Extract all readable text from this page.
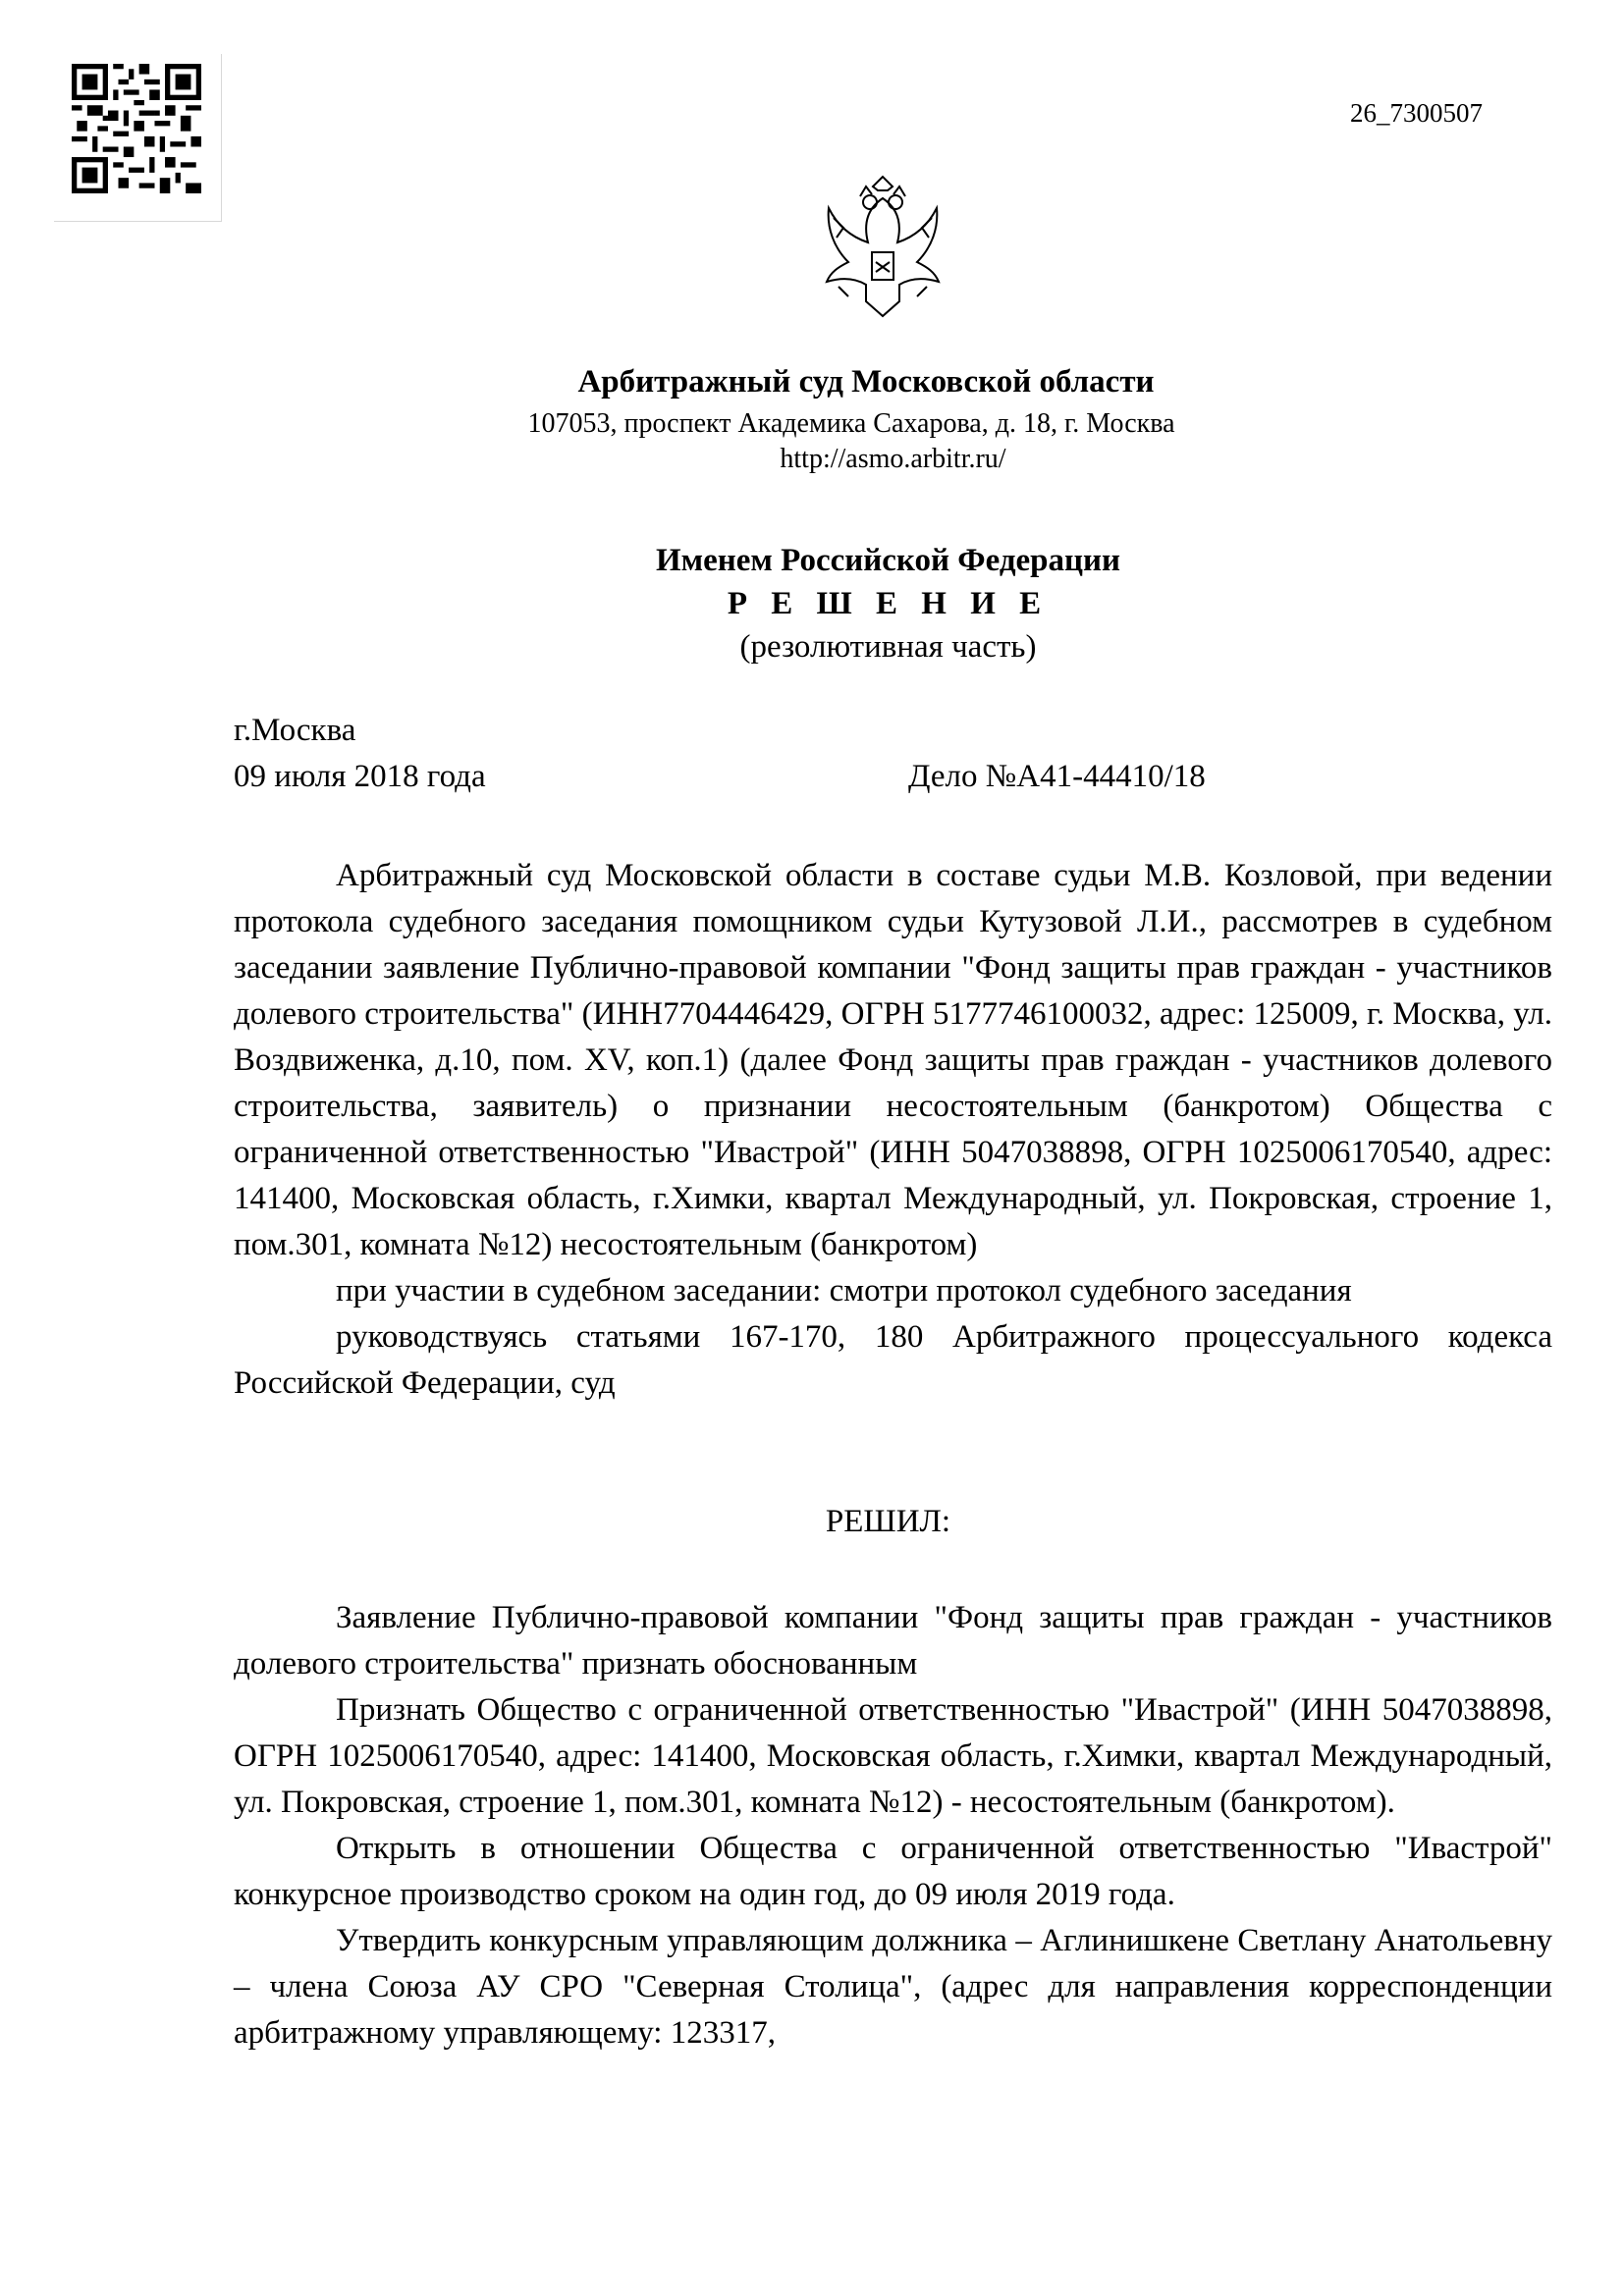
26_7300507
Арбитражный суд Московской области
107053, проспект Академика Сахарова, д. 18, г. Москва
http://asmo.arbitr.ru/
Именем Российской Федерации
Р Е Ш Е Н И Е
(резолютивная часть)
г.Москва
09 июля 2018 года	Дело №А41-44410/18

Арбитражный суд Московской области в составе судьи М.В. Козловой, при ведении протокола судебного заседания помощником судьи Кутузовой Л.И., рассмотрев в судебном заседании заявление Публично-правовой компании "Фонд защиты прав граждан - участников долевого строительства" (ИНН7704446429, ОГРН 5177746100032, адрес: 125009, г. Москва, ул. Воздвиженка, д.10, пом. XV, коп.1) (далее Фонд защиты прав граждан - участников долевого строительства, заявитель) о признании несостоятельным (банкротом) Общества с ограниченной ответственностью "Ивастрой" (ИНН 5047038898, ОГРН 1025006170540, адрес: 141400, Московская область, г.Химки, квартал Международный, ул. Покровская, строение 1, пом.301, комната №12) несостоятельным (банкротом)

при участии в судебном заседании: смотри протокол судебного заседания

руководствуясь статьями 167-170, 180 Арбитражного процессуального кодекса Российской Федерации, суд

РЕШИЛ:

Заявление Публично-правовой компании "Фонд защиты прав граждан - участников долевого строительства" признать обоснованным

Признать Общество с ограниченной ответственностью "Ивастрой" (ИНН 5047038898, ОГРН 1025006170540, адрес: 141400, Московская область, г.Химки, квартал Международный, ул. Покровская, строение 1, пом.301, комната №12) - несостоятельным (банкротом).

Открыть в отношении Общества с ограниченной ответственностью "Ивастрой" конкурсное производство сроком на один год, до 09 июля 2019 года.

Утвердить конкурсным управляющим должника – Аглинишкене Светлану Анатольевну – члена Союза АУ СРО "Северная Столица", (адрес для направления корреспонденции арбитражному управляющему: 123317,
